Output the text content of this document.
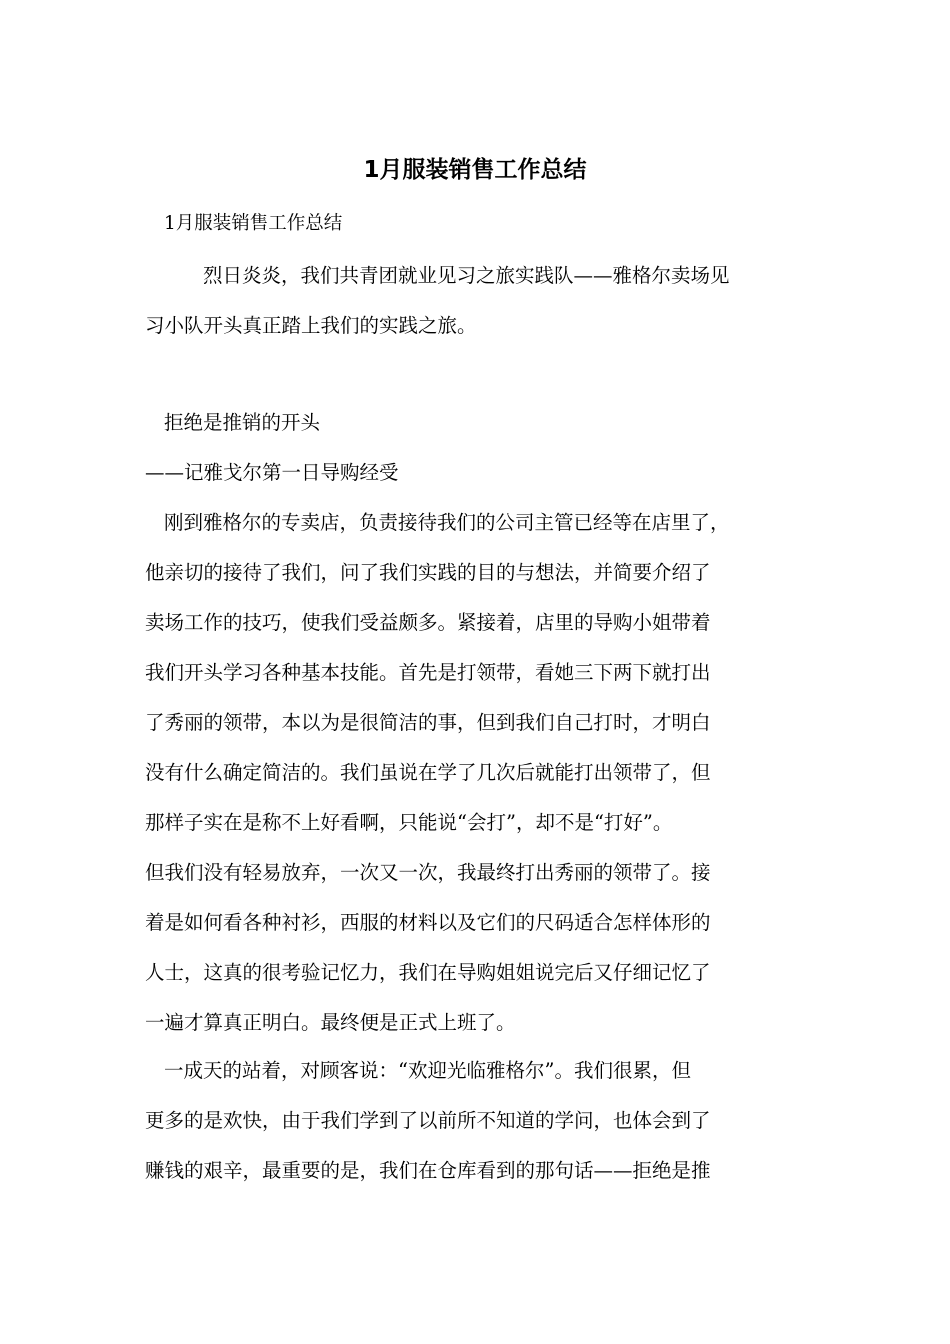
1月服装销售工作总结

1月服装销售工作总结

烈日炎炎，我们共青团就业见习之旅实践队——雅格尔卖场见

习小队开头真正踏上我们的实践之旅。

拒绝是推销的开头

——记雅戈尔第一日导购经受

刚到雅格尔的专卖店，负责接待我们的公司主管已经等在店里了，

他亲切的接待了我们，问了我们实践的目的与想法，并简要介绍了

卖场工作的技巧，使我们受益颇多。紧接着，店里的导购小姐带着

我们开头学习各种基本技能。首先是打领带，看她三下两下就打出

了秀丽的领带，本以为是很简洁的事，但到我们自己打时，才明白

没有什么确定简洁的。我们虽说在学了几次后就能打出领带了，但

那样子实在是称不上好看啊，只能说“会打”，却不是“打好”。

但我们没有轻易放弃，一次又一次，我最终打出秀丽的领带了。接

着是如何看各种衬衫，西服的材料以及它们的尺码适合怎样体形的

人士，这真的很考验记忆力，我们在导购姐姐说完后又仔细记忆了

一遍才算真正明白。最终便是正式上班了。

一成天的站着，对顾客说：“欢迎光临雅格尔”。我们很累，但

更多的是欢快，由于我们学到了以前所不知道的学问，也体会到了

赚钱的艰辛，最重要的是，我们在仓库看到的那句话——拒绝是推
